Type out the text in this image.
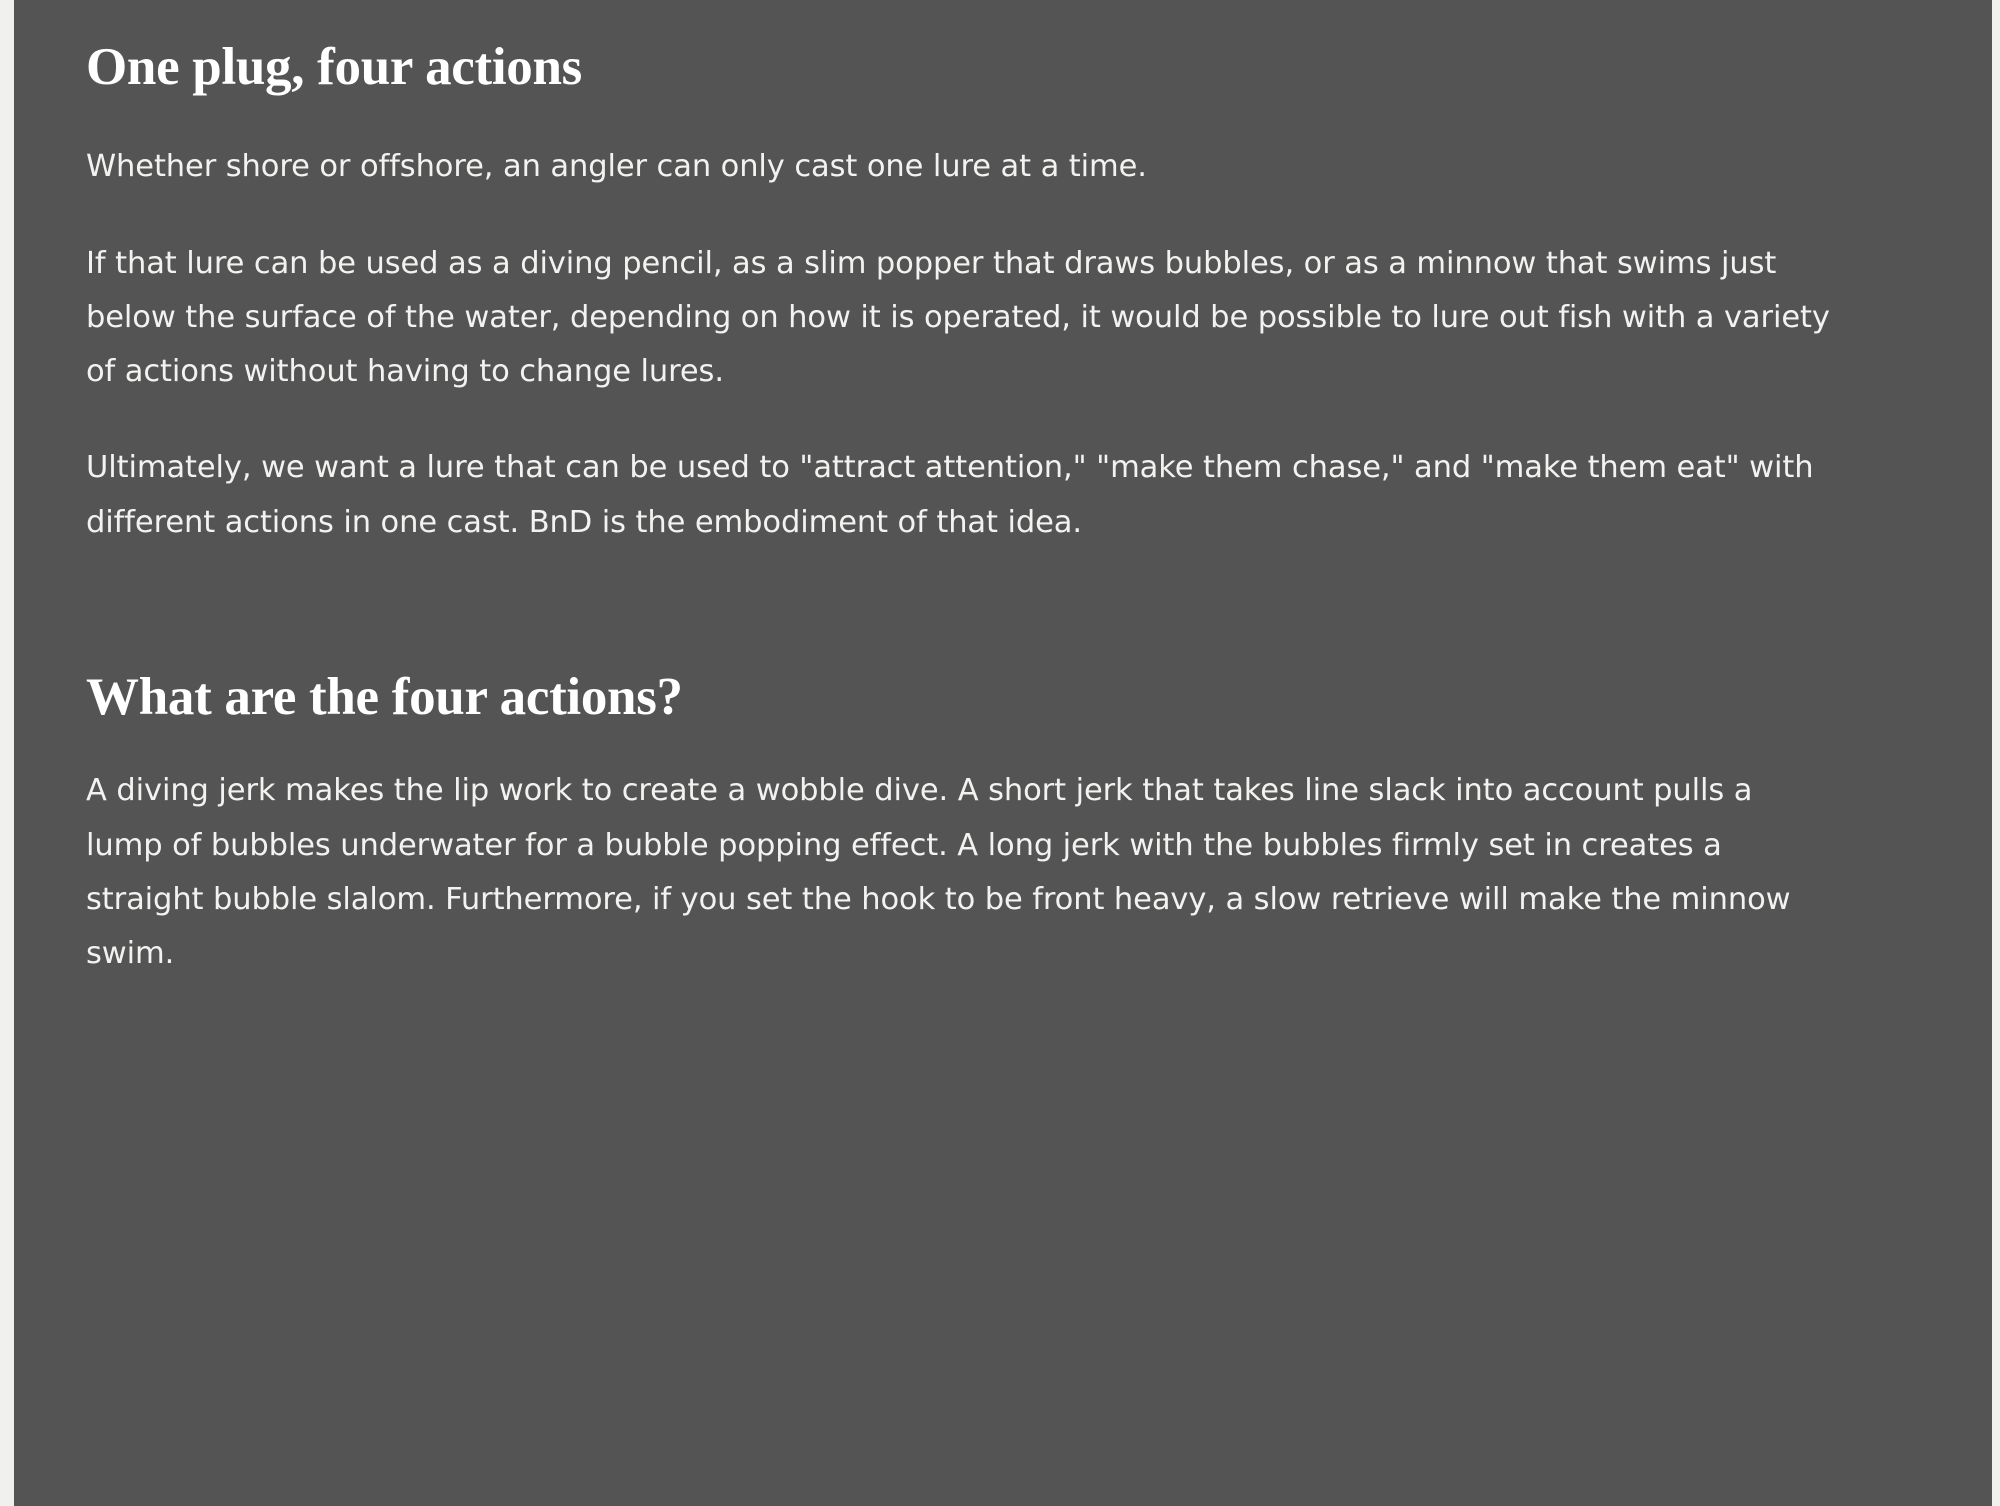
One plug, four actions

Whether shore or offshore, an angler can only cast one lure at a time.

If that lure can be used as a diving pencil, as a slim popper that draws bubbles, or as a minnow that swims just below the surface of the water, depending on how it is operated, it would be possible to lure out fish with a variety of actions without having to change lures.

Ultimately, we want a lure that can be used to "attract attention," "make them chase," and "make them eat" with different actions in one cast. BnD is the embodiment of that idea.

What are the four actions?

A diving jerk makes the lip work to create a wobble dive. A short jerk that takes line slack into account pulls a lump of bubbles underwater for a bubble popping effect. A long jerk with the bubbles firmly set in creates a straight bubble slalom. Furthermore, if you set the hook to be front heavy, a slow retrieve will make the minnow swim.
